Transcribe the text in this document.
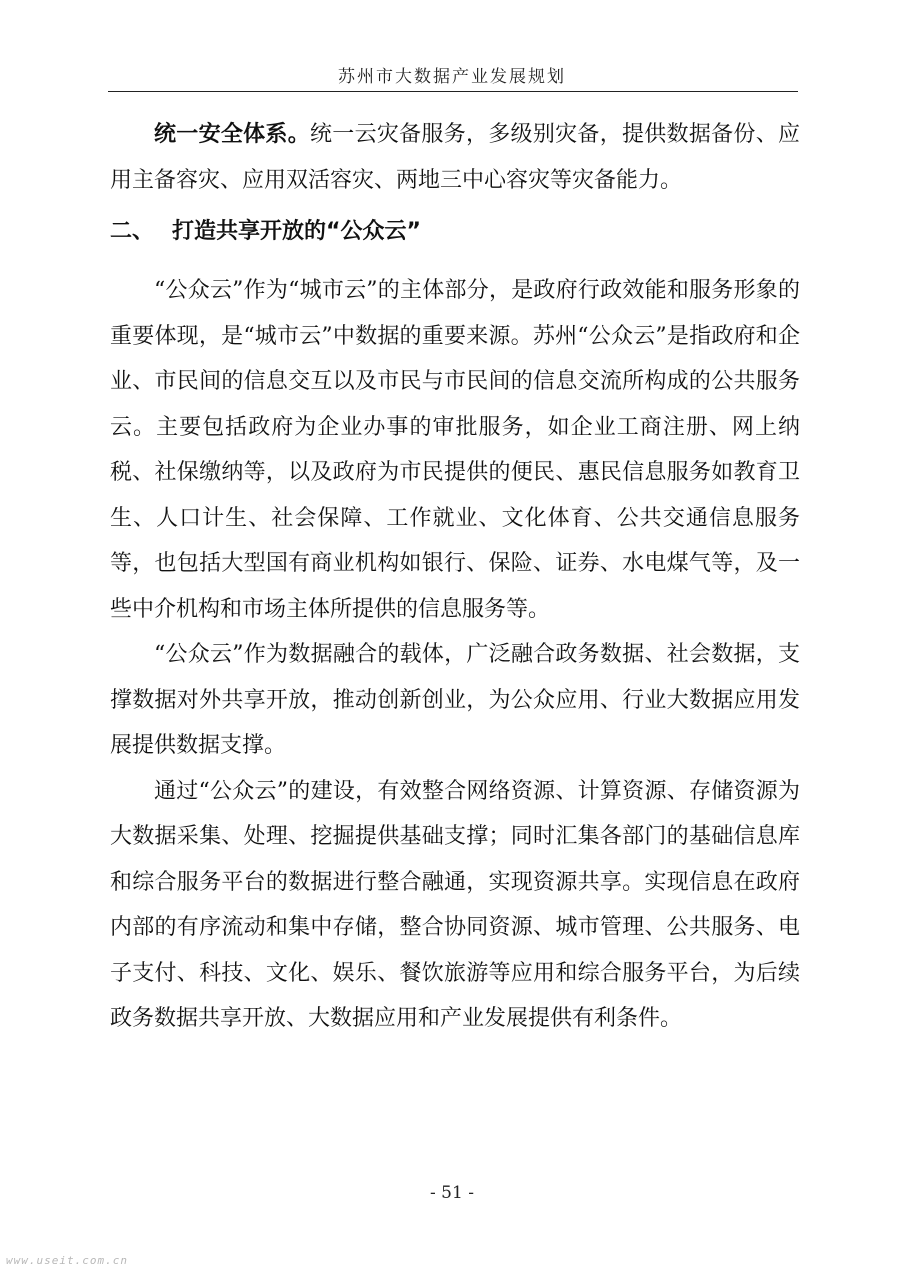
苏州市大数据产业发展规划

统一安全体系。统一云灾备服务，多级别灾备，提供数据备份、应用主备容灾、应用双活容灾、两地三中心容灾等灾备能力。

二、 打造共享开放的“公众云”

“公众云”作为“城市云”的主体部分，是政府行政效能和服务形象的重要体现，是“城市云”中数据的重要来源。苏州“公众云”是指政府和企业、市民间的信息交互以及市民与市民间的信息交流所构成的公共服务云。主要包括政府为企业办事的审批服务，如企业工商注册、网上纳税、社保缴纳等，以及政府为市民提供的便民、惠民信息服务如教育卫生、人口计生、社会保障、工作就业、文化体育、公共交通信息服务等，也包括大型国有商业机构如银行、保险、证券、水电煤气等，及一些中介机构和市场主体所提供的信息服务等。

“公众云”作为数据融合的载体，广泛融合政务数据、社会数据，支撑数据对外共享开放，推动创新创业，为公众应用、行业大数据应用发展提供数据支撑。

通过“公众云”的建设，有效整合网络资源、计算资源、存储资源为大数据采集、处理、挖掘提供基础支撑；同时汇集各部门的基础信息库和综合服务平台的数据进行整合融通，实现资源共享。实现信息在政府内部的有序流动和集中存储，整合协同资源、城市管理、公共服务、电子支付、科技、文化、娱乐、餐饮旅游等应用和综合服务平台，为后续政务数据共享开放、大数据应用和产业发展提供有利条件。

- 51 -
www.useit.com.cn
